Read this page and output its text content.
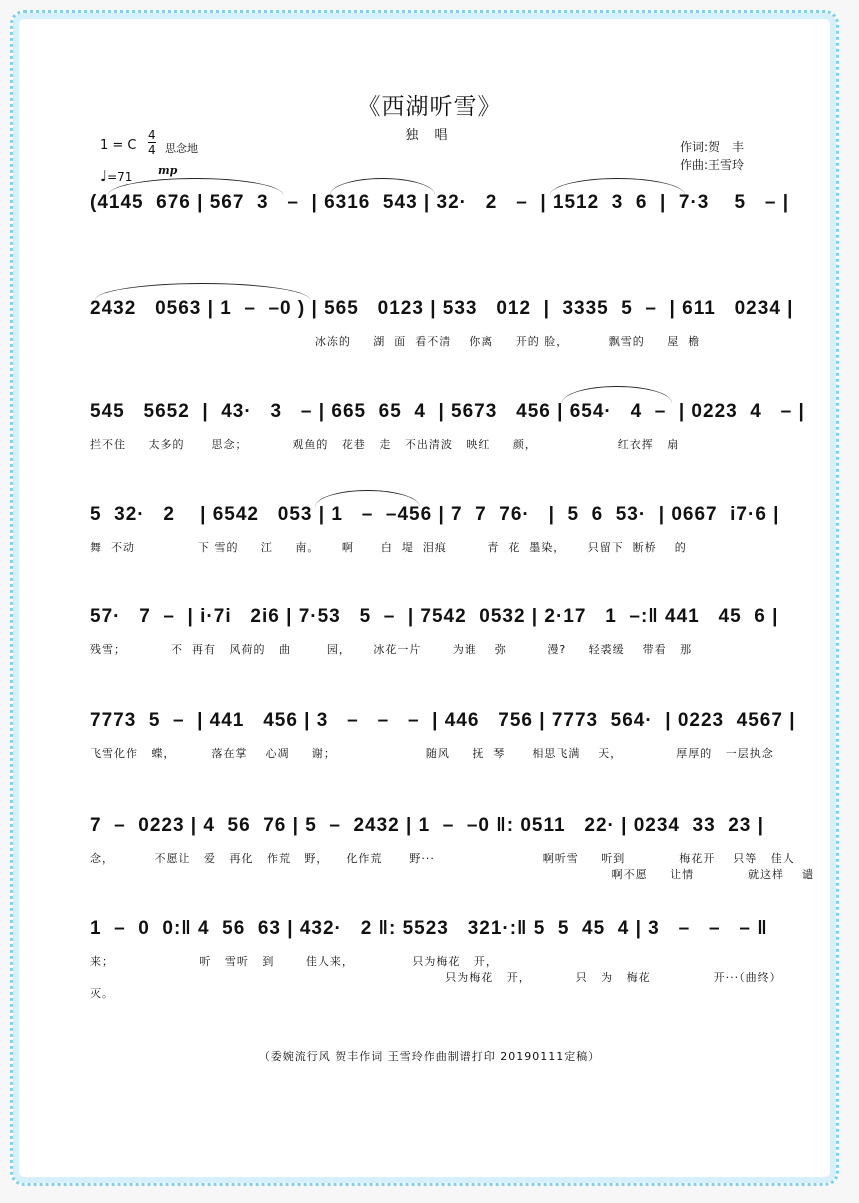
《西湖听雪》
独 唱
1 = C
4
4 思念地
♩=71 mp
作词:贺　丰
作曲:王雪玲
(4145  676 | 567  3   –  | 6316  543 | 32·   2   –  | 1512  3  6  |  7·3    5   – |
2432   0563 | 1  –  –0 ) | 565   0123 | 533   012  |  3335  5  –  | 611   0234 |
冰冻的     湖  面  看不清    你离     开的 脸，         飘雪的     屋  檐
545   5652  |  43·   3   – | 665  65  4  | 5673   456 | 654·   4  –  | 0223  4   – |
拦不住     太多的      思念；          观鱼的   花巷   走   不出清波   映红     颜，                  红衣挥   扇
5  32·   2    | 6542   053 | 1   –  –456 | 7  7  76·   |  5  6  53·  | 0667  i7·6 |
舞  不动              下 雪的     江     南。     啊      白  堤  泪痕         青  花  墨染，     只留下  断桥    的
57·   7  –  | i·7i   2i6 | 7·53   5  –  | 7542  0532 | 2·17   1  –:‖ 441   45  6 |
残雪；          不  再有   风荷的   曲        园，     冰花一片       为谁    弥         漫?     轻裘缓    带看   那
7773  5  –  | 441   456 | 3   –   –   –  | 446   756 | 7773  564·  | 0223  4567 |
飞雪化作   蝶，        落在掌    心凋     谢；                    随风     抚  琴      相思飞满    天，            厚厚的   一层执念
7  –  0223 | 4  56  76 | 5  –  2432 | 1  –  –0 ‖: 0511   22· | 0234  33  23 |
念，         不愿让   爱   再化   作荒   野，    化作荒      野···                        啊听雪     听到            梅花开    只等   佳人
啊不愿     让情            就这样
1  –  0  0:‖ 4  56  63 | 432·   2 ‖: 5523   321·:‖ 5  5  45  4 | 3   –   –   – ‖
来；                   听   雪听   到       佳人来，             只为梅花   开，
只为梅花   开，          只   为   梅花              开···（曲终）
灭。
（委婉流行风 贺丰作词 王雪玲作曲制谱打印 20190111定稿）
